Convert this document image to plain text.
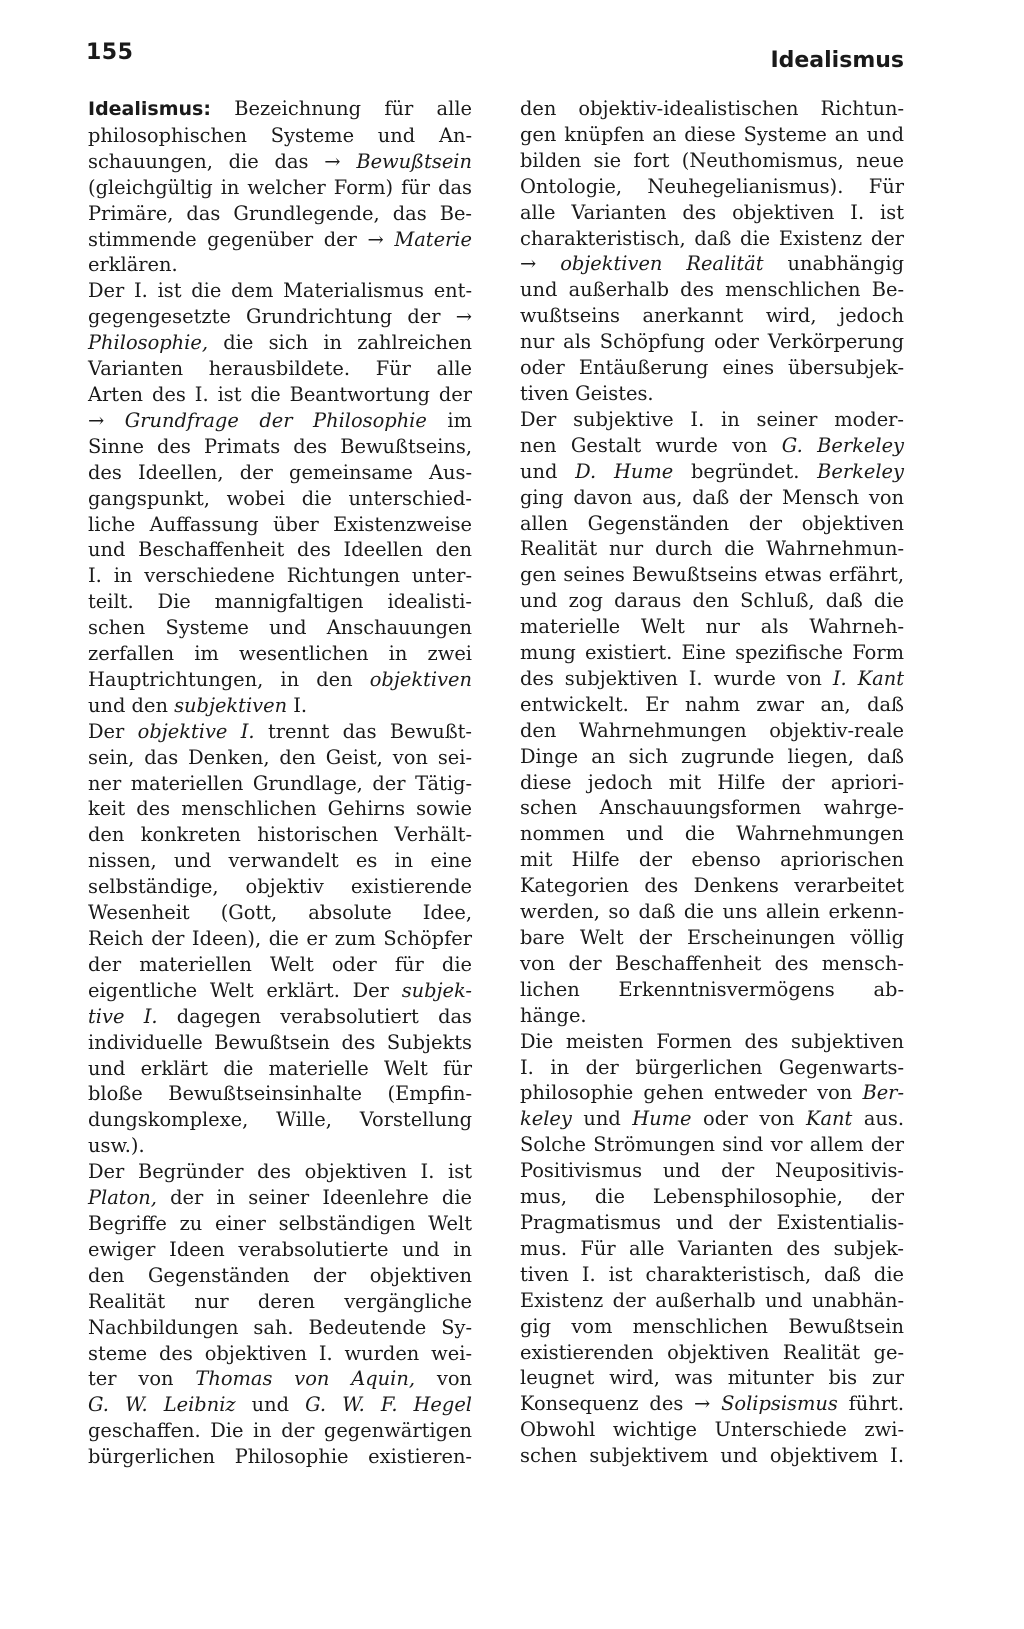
155	Idealismus
Idealismus: Bezeichnung für alle
philosophischen Systeme und An-
schauungen, die das → Bewußtsein
(gleichgültig in welcher Form) für das
Primäre, das Grundlegende, das Be-
stimmende gegenüber der → Materie
erklären.
Der I. ist die dem Materialismus ent-
gegengesetzte Grundrichtung der →
Philosophie, die sich in zahlreichen
Varianten herausbildete. Für alle
Arten des I. ist die Beantwortung der
→ Grundfrage der Philosophie im
Sinne des Primats des Bewußtseins,
des Ideellen, der gemeinsame Aus-
gangspunkt, wobei die unterschied-
liche Auffassung über Existenzweise
und Beschaffenheit des Ideellen den
I. in verschiedene Richtungen unter-
teilt. Die mannigfaltigen idealisti-
schen Systeme und Anschauungen
zerfallen im wesentlichen in zwei
Hauptrichtungen, in den objektiven
und den subjektiven I.
Der objektive I. trennt das Bewußt-
sein, das Denken, den Geist, von sei-
ner materiellen Grundlage, der Tätig-
keit des menschlichen Gehirns sowie
den konkreten historischen Verhält-
nissen, und verwandelt es in eine
selbständige, objektiv existierende
Wesenheit (Gott, absolute Idee,
Reich der Ideen), die er zum Schöpfer
der materiellen Welt oder für die
eigentliche Welt erklärt. Der subjek-
tive I. dagegen verabsolutiert das
individuelle Bewußtsein des Subjekts
und erklärt die materielle Welt für
bloße Bewußtseinsinhalte (Empfin-
dungskomplexe, Wille, Vorstellung
usw.).
Der Begründer des objektiven I. ist
Platon, der in seiner Ideenlehre die
Begriffe zu einer selbständigen Welt
ewiger Ideen verabsolutierte und in
den Gegenständen der objektiven
Realität nur deren vergängliche
Nachbildungen sah. Bedeutende Sy-
steme des objektiven I. wurden wei-
ter von Thomas von Aquin, von
G. W. Leibniz und G. W. F. Hegel
geschaffen. Die in der gegenwärtigen
bürgerlichen Philosophie existieren-
den objektiv-idealistischen Richtun-
gen knüpfen an diese Systeme an und
bilden sie fort (Neuthomismus, neue
Ontologie, Neuhegelianismus). Für
alle Varianten des objektiven I. ist
charakteristisch, daß die Existenz der
→ objektiven Realität unabhängig
und außerhalb des menschlichen Be-
wußtseins anerkannt wird, jedoch
nur als Schöpfung oder Verkörperung
oder Entäußerung eines übersubjek-
tiven Geistes.
Der subjektive I. in seiner moder-
nen Gestalt wurde von G. Berkeley
und D. Hume begründet. Berkeley
ging davon aus, daß der Mensch von
allen Gegenständen der objektiven
Realität nur durch die Wahrnehmun-
gen seines Bewußtseins etwas erfährt,
und zog daraus den Schluß, daß die
materielle Welt nur als Wahrneh-
mung existiert. Eine spezifische Form
des subjektiven I. wurde von I. Kant
entwickelt. Er nahm zwar an, daß
den Wahrnehmungen objektiv-reale
Dinge an sich zugrunde liegen, daß
diese jedoch mit Hilfe der apriori-
schen Anschauungsformen wahrge-
nommen und die Wahrnehmungen
mit Hilfe der ebenso apriorischen
Kategorien des Denkens verarbeitet
werden, so daß die uns allein erkenn-
bare Welt der Erscheinungen völlig
von der Beschaffenheit des mensch-
lichen Erkenntnisvermögens ab-
hänge.
Die meisten Formen des subjektiven
I. in der bürgerlichen Gegenwarts-
philosophie gehen entweder von Ber-
keley und Hume oder von Kant aus.
Solche Strömungen sind vor allem der
Positivismus und der Neupositivis-
mus, die Lebensphilosophie, der
Pragmatismus und der Existentialis-
mus. Für alle Varianten des subjek-
tiven I. ist charakteristisch, daß die
Existenz der außerhalb und unabhän-
gig vom menschlichen Bewußtsein
existierenden objektiven Realität ge-
leugnet wird, was mitunter bis zur
Konsequenz des → Solipsismus führt.
Obwohl wichtige Unterschiede zwi-
schen subjektivem und objektivem I.
